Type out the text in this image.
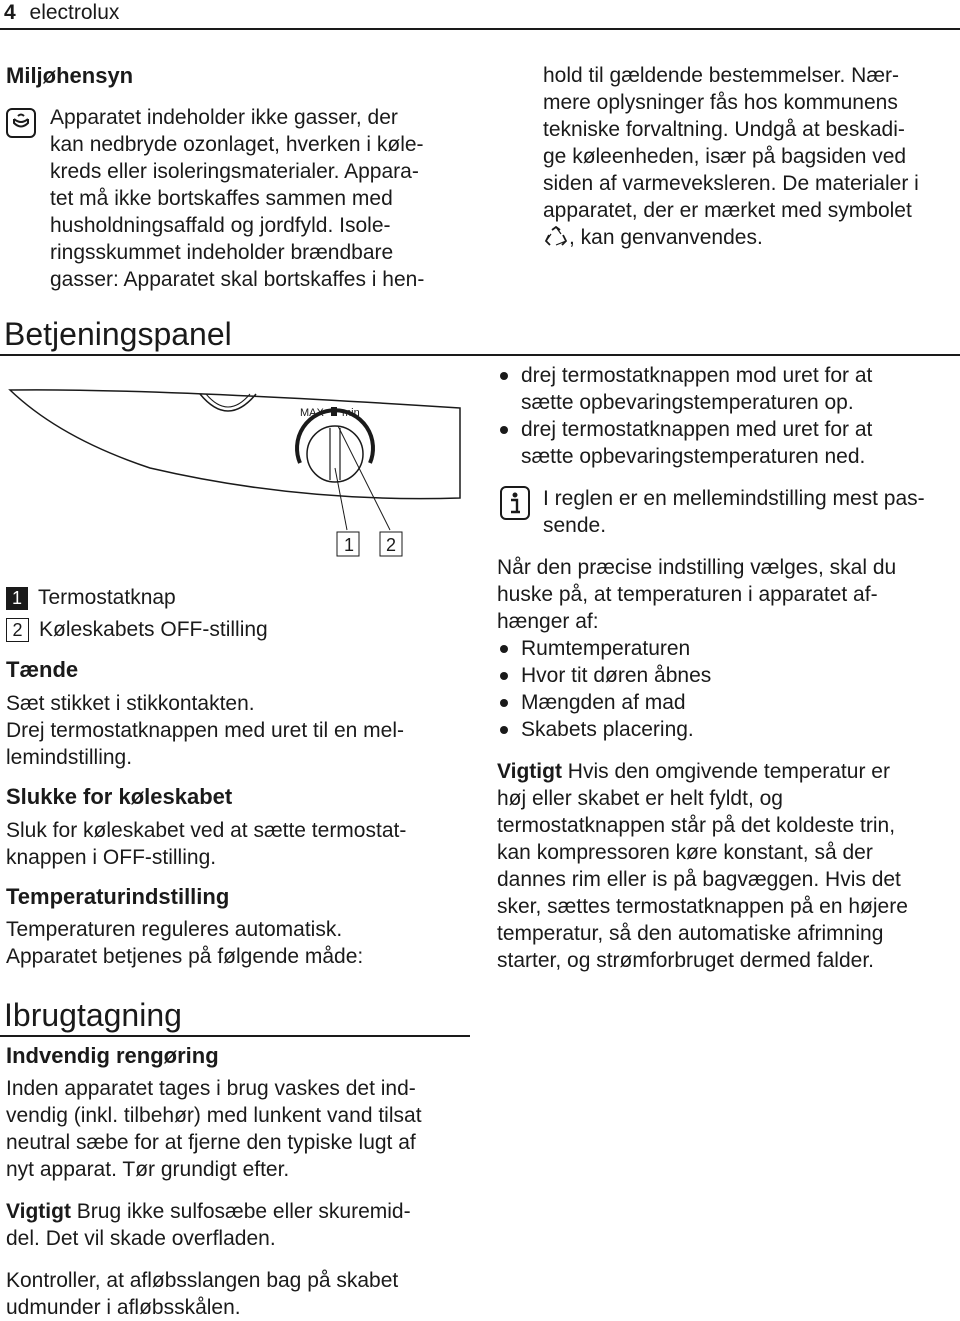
4 electrolux

Miljøhensyn

Apparatet indeholder ikke gasser, der

kan nedbryde ozonlaget, hverken i køle-

kreds eller isoleringsmaterialer. Appara-

tet må ikke bortskaffes sammen med

husholdningsaffald og jordfyld. Isole-

ringsskummet indeholder brændbare

gasser: Apparatet skal bortskaffes i hen-

hold til gældende bestemmelser. Nær-

mere oplysninger fås hos kommunens

tekniske forvaltning. Undgå at beskadi-

ge køleenheden, især på bagsiden ved

siden af varmeveksleren. De materialer i

apparatet, der er mærket med symbolet

, kan genvanvendes.

Betjeningspanel

MAX min
1 2

1 Termostatknap

2 Køleskabets OFF-stilling

Tænde

Sæt stikket i stikkontakten.

Drej termostatknappen med uret til en mel-

lemindstilling.

Slukke for køleskabet

Sluk for køleskabet ved at sætte termostat-

knappen i OFF-stilling.

Temperaturindstilling

Temperaturen reguleres automatisk.

Apparatet betjenes på følgende måde:

drej termostatknappen mod uret for at
sætte opbevaringstemperaturen op.
drej termostatknappen med uret for at
sætte opbevaringstemperaturen ned.

I reglen er en mellemindstilling mest pas-

sende.

Når den præcise indstilling vælges, skal du

huske på, at temperaturen i apparatet af-

hænger af:

Rumtemperaturen
Hvor tit døren åbnes
Mængden af mad
Skabets placering.

Vigtigt Hvis den omgivende temperatur er

høj eller skabet er helt fyldt, og

termostatknappen står på det koldeste trin,

kan kompressoren køre konstant, så der

dannes rim eller is på bagvæggen. Hvis det

sker, sættes termostatknappen på en højere

temperatur, så den automatiske afrimning

starter, og strømforbruget dermed falder.

Ibrugtagning

Indvendig rengøring

Inden apparatet tages i brug vaskes det ind-

vendig (inkl. tilbehør) med lunkent vand tilsat

neutral sæbe for at fjerne den typiske lugt af

nyt apparat. Tør grundigt efter.

Vigtigt Brug ikke sulfosæbe eller skuremid-

del. Det vil skade overfladen.

Kontroller, at afløbsslangen bag på skabet

udmunder i afløbsskålen.
